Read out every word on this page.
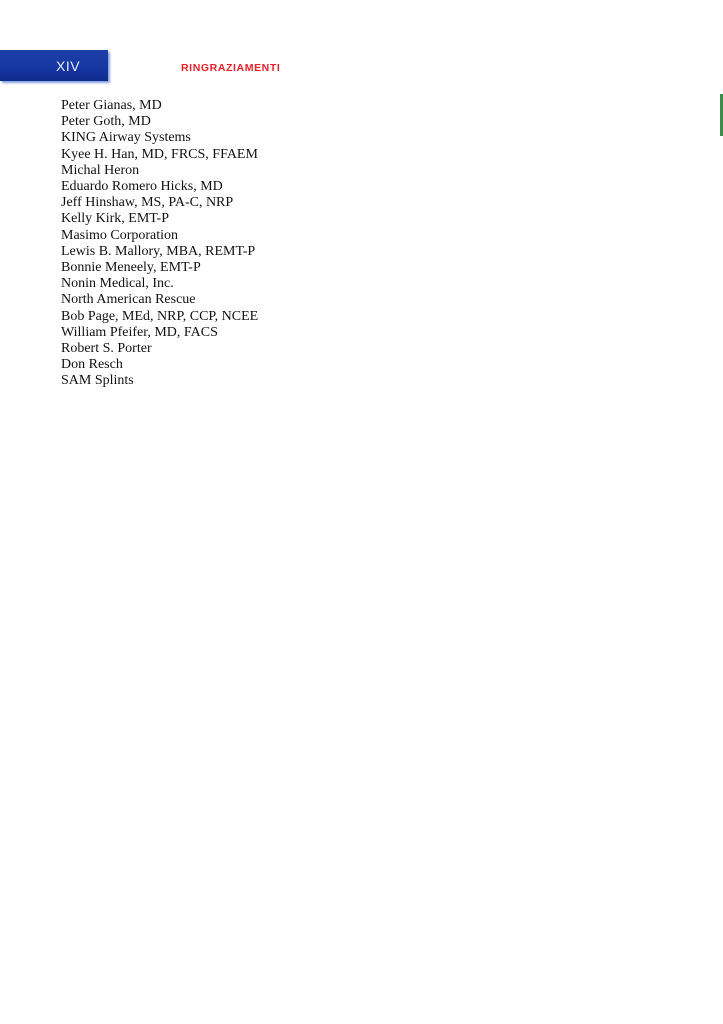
XIV	RINGRAZIAMENTI
Peter Gianas, MD
Peter Goth, MD
KING Airway Systems
Kyee H. Han, MD, FRCS, FFAEM
Michal Heron
Eduardo Romero Hicks, MD
Jeff Hinshaw, MS, PA-C, NRP
Kelly Kirk, EMT-P
Masimo Corporation
Lewis B. Mallory, MBA, REMT-P
Bonnie Meneely, EMT-P
Nonin Medical, Inc.
North American Rescue
Bob Page, MEd, NRP, CCP, NCEE
William Pfeifer, MD, FACS
Robert S. Porter
Don Resch
SAM Splints
